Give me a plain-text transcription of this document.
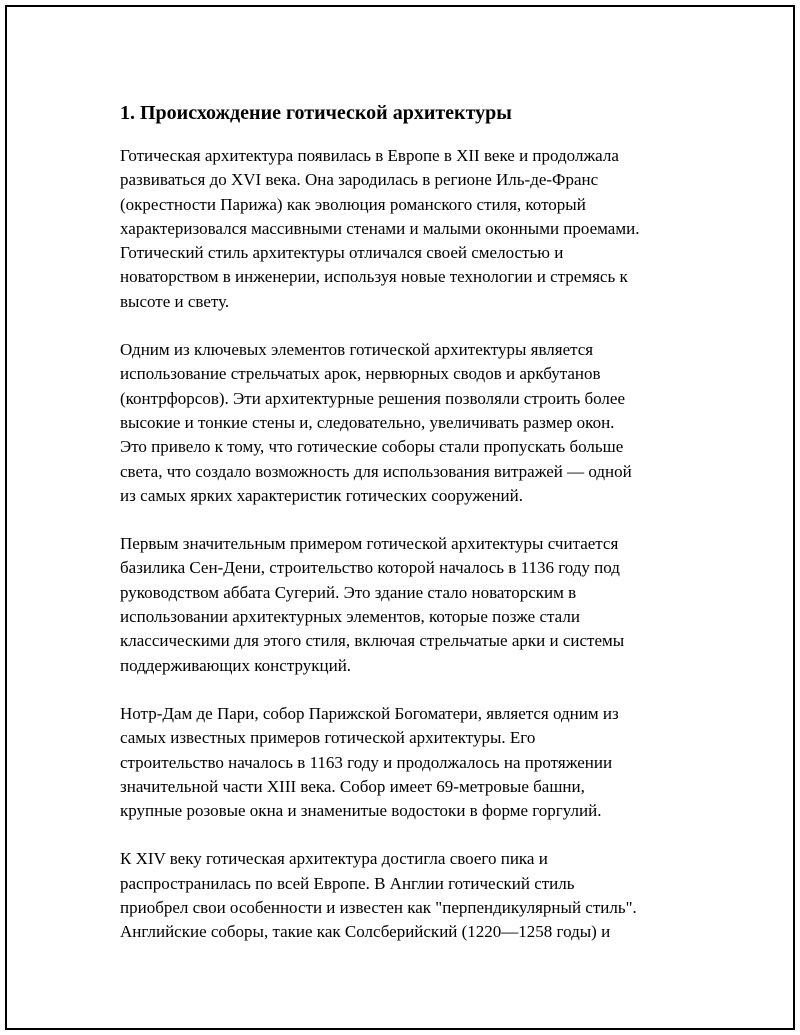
1. Происхождение готической архитектуры

Готическая архитектура появилась в Европе в XII веке и продолжала
развиваться до XVI века. Она зародилась в регионе Иль-де-Франс
(окрестности Парижа) как эволюция романского стиля, который
характеризовался массивными стенами и малыми оконными проемами.
Готический стиль архитектуры отличался своей смелостью и
новаторством в инженерии, используя новые технологии и стремясь к
высоте и свету.

Одним из ключевых элементов готической архитектуры является
использование стрельчатых арок, нервюрных сводов и аркбутанов
(контрфорсов). Эти архитектурные решения позволяли строить более
высокие и тонкие стены и, следовательно, увеличивать размер окон.
Это привело к тому, что готические соборы стали пропускать больше
света, что создало возможность для использования витражей — одной
из самых ярких характеристик готических сооружений.

Первым значительным примером готической архитектуры считается
базилика Сен-Дени, строительство которой началось в 1136 году под
руководством аббата Сугерий. Это здание стало новаторским в
использовании архитектурных элементов, которые позже стали
классическими для этого стиля, включая стрельчатые арки и системы
поддерживающих конструкций.

Нотр-Дам де Пари, собор Парижской Богоматери, является одним из
самых известных примеров готической архитектуры. Его
строительство началось в 1163 году и продолжалось на протяжении
значительной части XIII века. Собор имеет 69-метровые башни,
крупные розовые окна и знаменитые водостоки в форме горгулий.

К XIV веку готическая архитектура достигла своего пика и
распространилась по всей Европе. В Англии готический стиль
приобрел свои особенности и известен как "перпендикулярный стиль".
Английские соборы, такие как Солсберийский (1220—1258 годы) и
